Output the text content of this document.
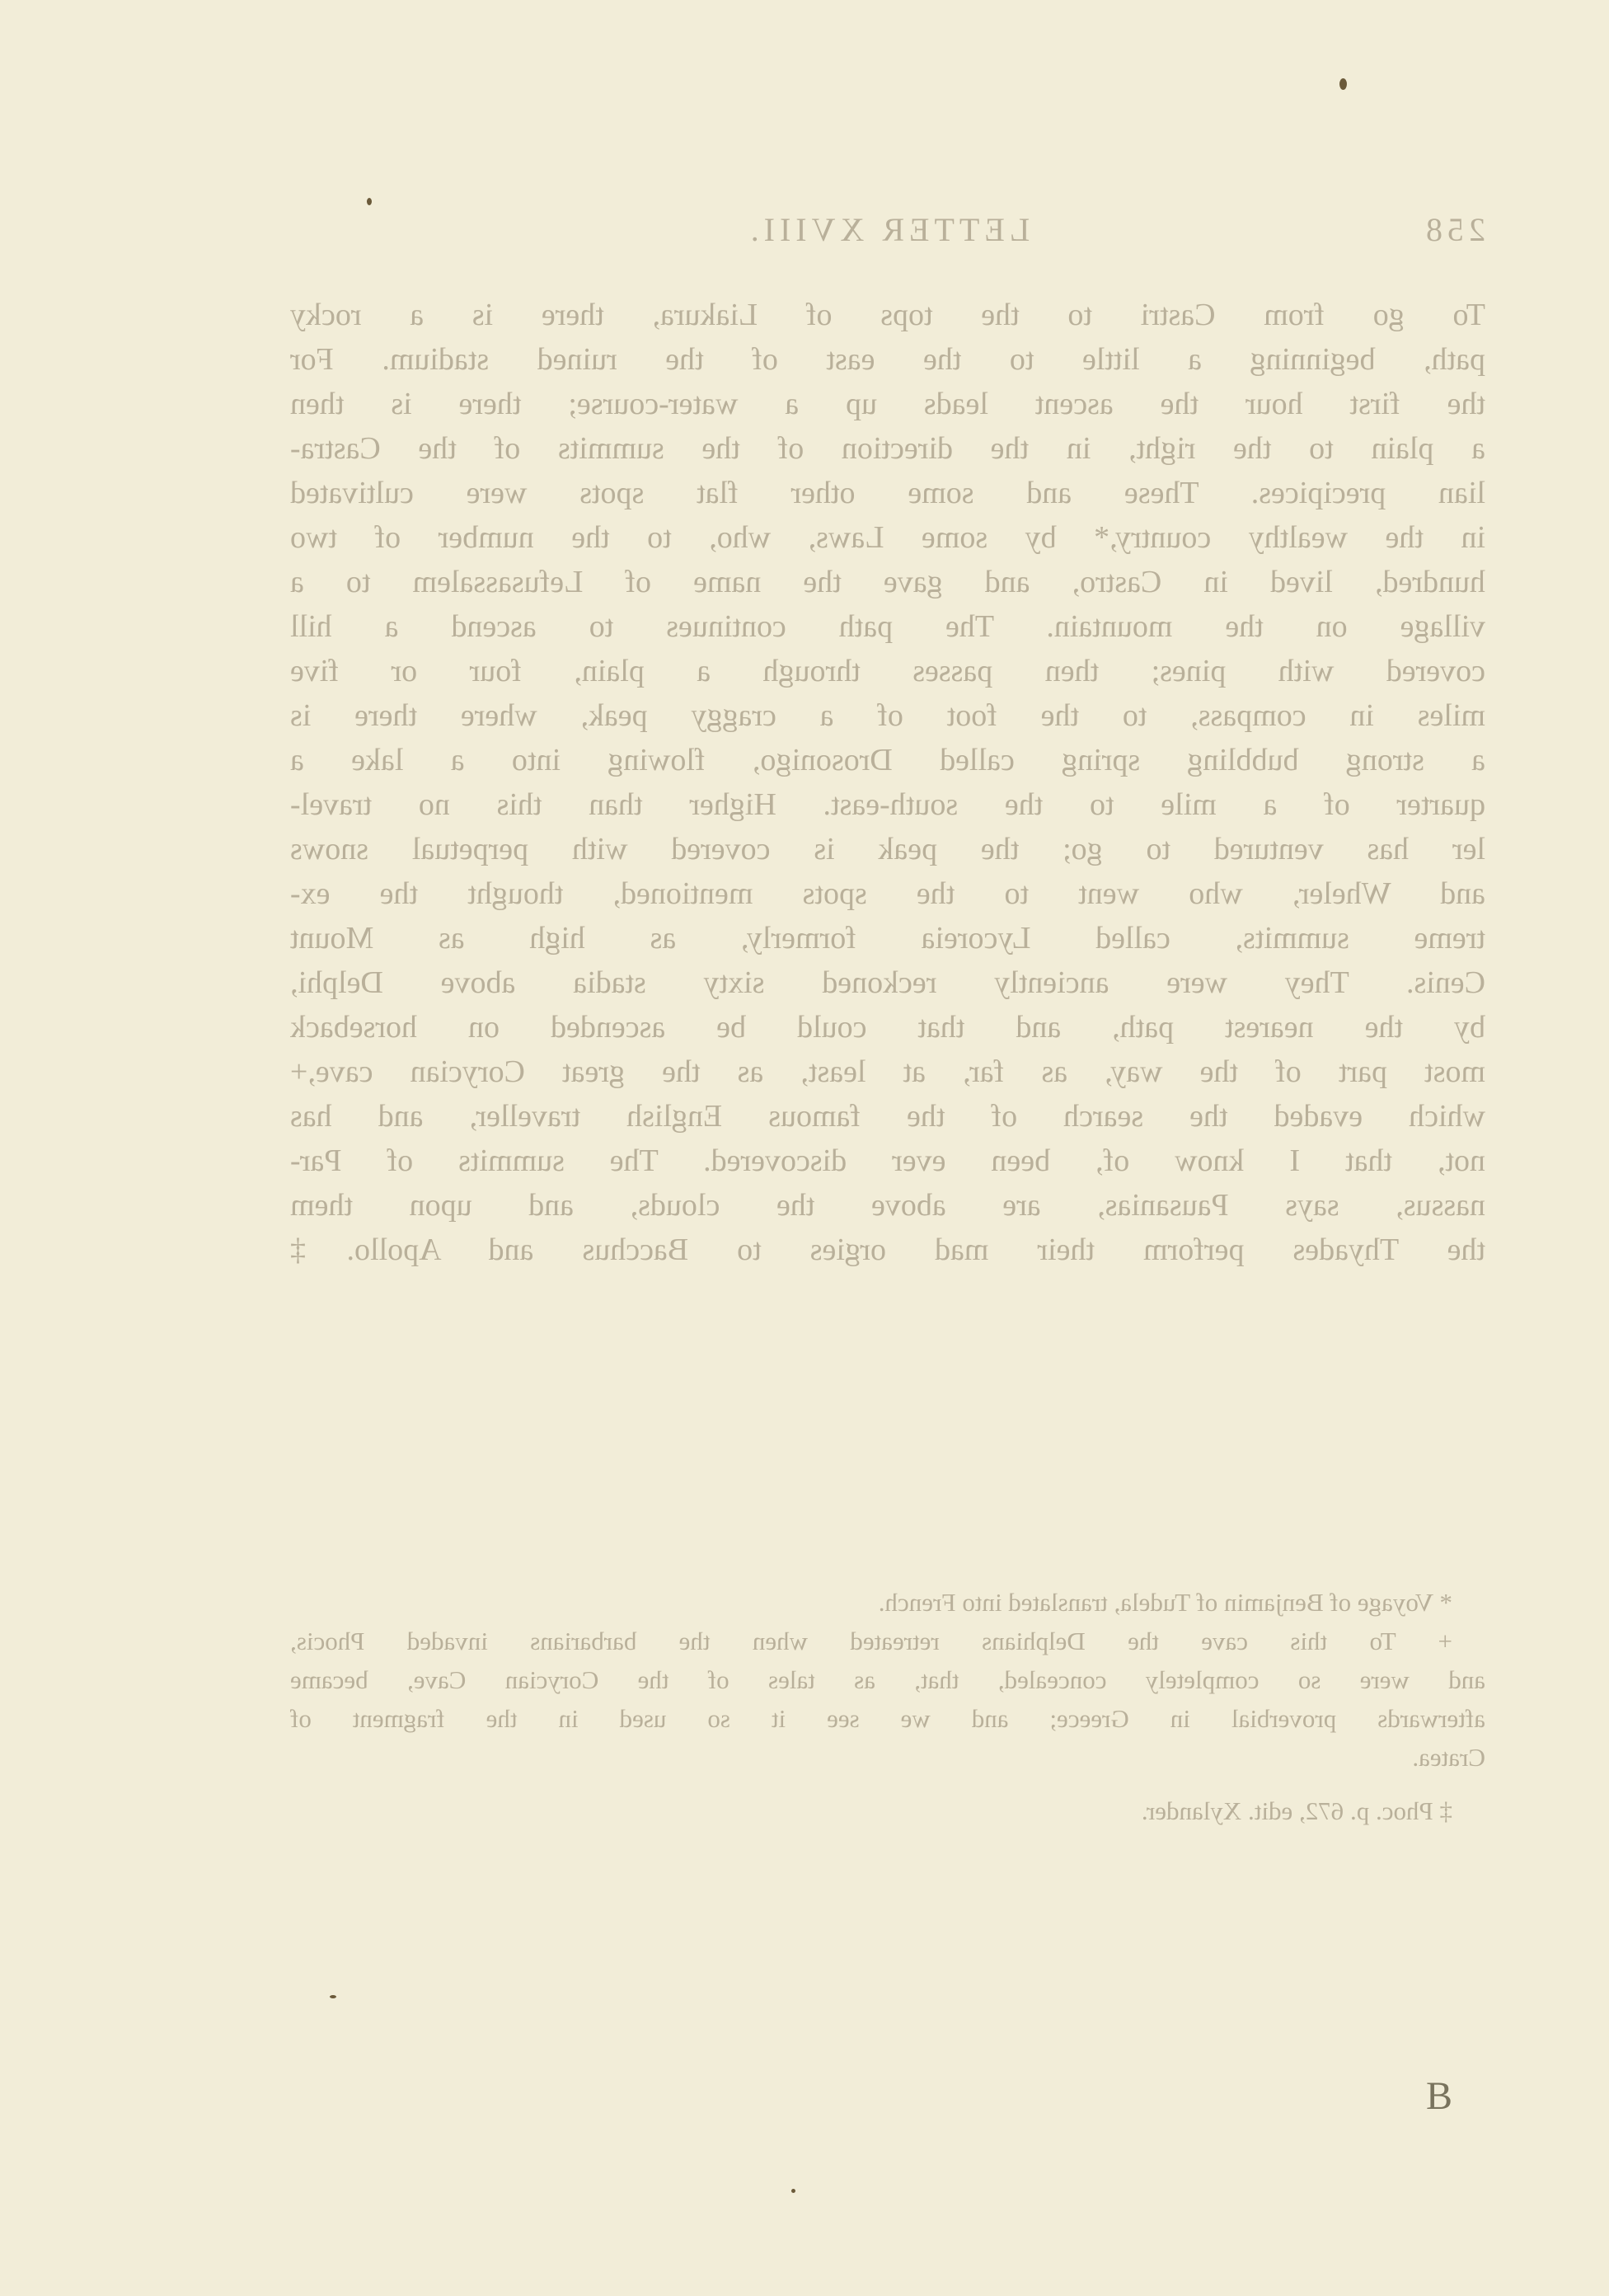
258
LETTER XVIII.
To go from Castri to the tops of Liakura, there is a rocky
path, beginning a little to the east of the ruined stadium. For
the first hour the ascent leads up a water-course; there is then
a plain to the right, in the direction of the summits of the Castra-
lian precipices. These and some other flat spots were cultivated
in the wealthy country,* by some Laws, who, to the number of two
hundred, lived in Castro, and gave the name of Lefusassalem to a
village on the mountain. The path continues to ascend a hill
covered with pines; then passes through a plain, four or five
miles in compass, to the foot of a craggy peak, where there is
a strong bubbling spring called Drosonigo, flowing into a lake a
quarter of a mile to the south-east. Higher than this no travel-
ler has ventured to go; the peak is covered with perpetual snows
and Wheler, who went to the spots mentioned, thought the ex-
treme summits, called Lycoreia formerly, as high as Mount
Cenis. They were anciently reckoned sixty stadia above Delphi,
by the nearest path, and that could be ascended on horseback
most part of the way, as far, at least, as the great Corycian cave,+
which evaded the search of the famous English traveller, and has
not, that I know of, been ever discovered. The summits of Par-
nassus, says Pausanias, are above the clouds, and upon them
the Thyades perform their mad orgies to Bacchus and Apollo.‡
* Voyage of Benjamin of Tudela, translated into French.
+ To this cave the Delphians retreated when the barbarians invaded Phocis,
and were so completely concealed, that, as tales of the Corycian Cave, became
afterwards proverbial in Greece; and we see it so used in the fragment of
Cratea.
‡ Phoc. p. 672, edit. Xylander.
B
